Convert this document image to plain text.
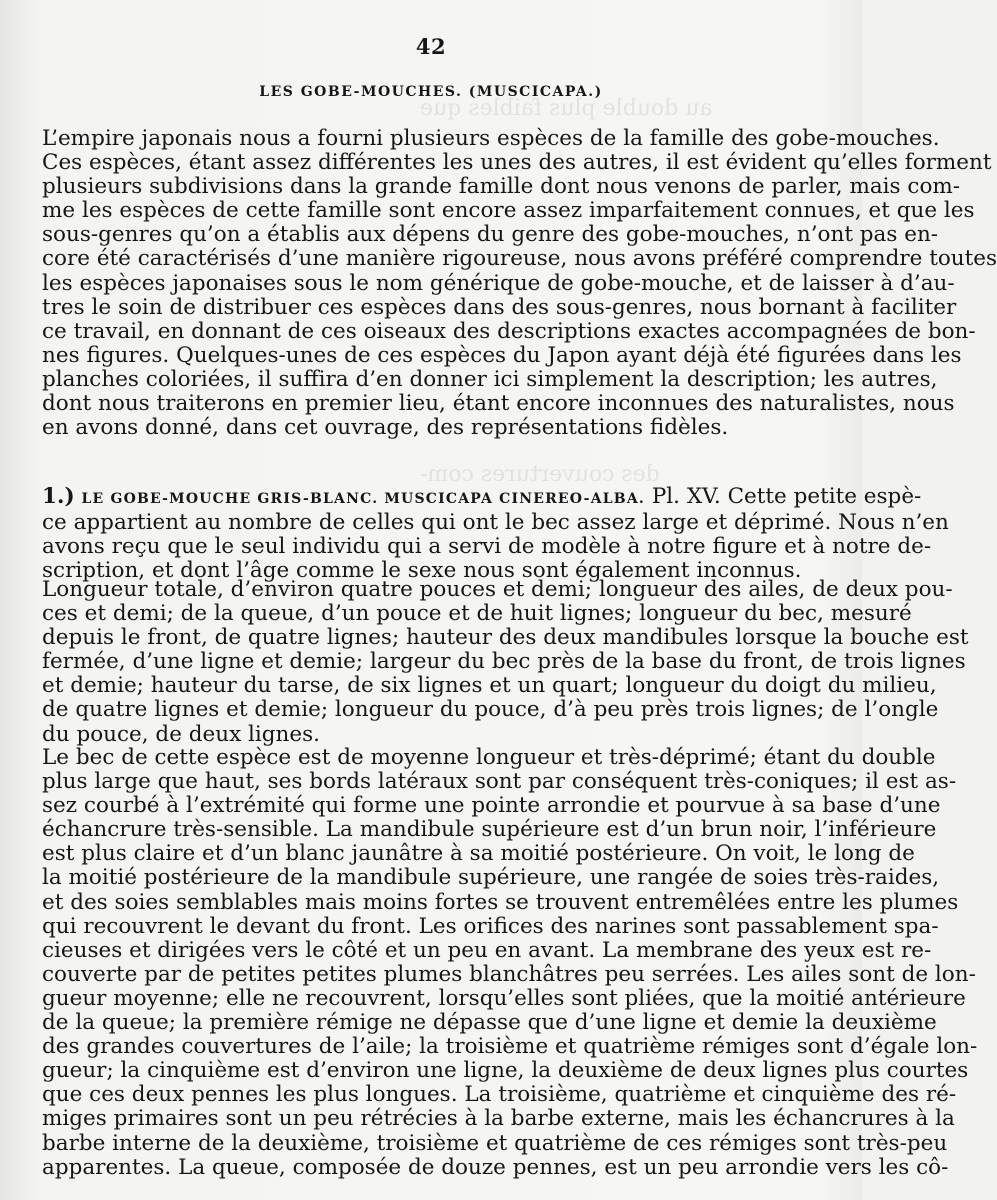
au double plus faibles que
des couvertures com-
42
LES GOBE-MOUCHES. (MUSCICAPA.)

L’empire japonais nous a fourni plusieurs espèces de la famille des gobe-mouches.
Ces espèces, étant assez différentes les unes des autres, il est évident qu’elles forment
plusieurs subdivisions dans la grande famille dont nous venons de parler, mais com-
me les espèces de cette famille sont encore assez imparfaitement connues, et que les
sous-genres qu’on a établis aux dépens du genre des gobe-mouches, n’ont pas en-
core été caractérisés d’une manière rigoureuse, nous avons préféré comprendre toutes
les espèces japonaises sous le nom générique de gobe-mouche, et de laisser à d’au-
tres le soin de distribuer ces espèces dans des sous-genres, nous bornant à faciliter
ce travail, en donnant de ces oiseaux des descriptions exactes accompagnées de bon-
nes figures. Quelques-unes de ces espèces du Japon ayant déjà été figurées dans les
planches coloriées, il suffira d’en donner ici simplement la description; les autres,
dont nous traiterons en premier lieu, étant encore inconnues des naturalistes, nous
en avons donné, dans cet ouvrage, des représentations fidèles.

1.) LE GOBE-MOUCHE GRIS-BLANC. MUSCICAPA CINEREO-ALBA. Pl. XV. Cette petite espè-

ce appartient au nombre de celles qui ont le bec assez large et déprimé. Nous n’en
avons reçu que le seul individu qui a servi de modèle à notre figure et à notre de-
scription, et dont l’âge comme le sexe nous sont également inconnus.

Longueur totale, d’environ quatre pouces et demi; longueur des ailes, de deux pou-
ces et demi; de la queue, d’un pouce et de huit lignes; longueur du bec, mesuré
depuis le front, de quatre lignes; hauteur des deux mandibules lorsque la bouche est
fermée, d’une ligne et demie; largeur du bec près de la base du front, de trois lignes
et demie; hauteur du tarse, de six lignes et un quart; longueur du doigt du milieu,
de quatre lignes et demie; longueur du pouce, d’à peu près trois lignes; de l’ongle
du pouce, de deux lignes.

Le bec de cette espèce est de moyenne longueur et très-déprimé; étant du double
plus large que haut, ses bords latéraux sont par conséquent très-coniques; il est as-
sez courbé à l’extrémité qui forme une pointe arrondie et pourvue à sa base d’une
échancrure très-sensible. La mandibule supérieure est d’un brun noir, l’inférieure
est plus claire et d’un blanc jaunâtre à sa moitié postérieure. On voit, le long de
la moitié postérieure de la mandibule supérieure, une rangée de soies très-raides,
et des soies semblables mais moins fortes se trouvent entremêlées entre les plumes
qui recouvrent le devant du front. Les orifices des narines sont passablement spa-
cieuses et dirigées vers le côté et un peu en avant. La membrane des yeux est re-
couverte par de petites petites plumes blanchâtres peu serrées. Les ailes sont de lon-
gueur moyenne; elle ne recouvrent, lorsqu’elles sont pliées, que la moitié antérieure
de la queue; la première rémige ne dépasse que d’une ligne et demie la deuxième
des grandes couvertures de l’aile; la troisième et quatrième rémiges sont d’égale lon-
gueur; la cinquième est d’environ une ligne, la deuxième de deux lignes plus courtes
que ces deux pennes les plus longues. La troisième, quatrième et cinquième des ré-
miges primaires sont un peu rétrécies à la barbe externe, mais les échancrures à la
barbe interne de la deuxième, troisième et quatrième de ces rémiges sont très-peu
apparentes. La queue, composée de douze pennes, est un peu arrondie vers les cô-
